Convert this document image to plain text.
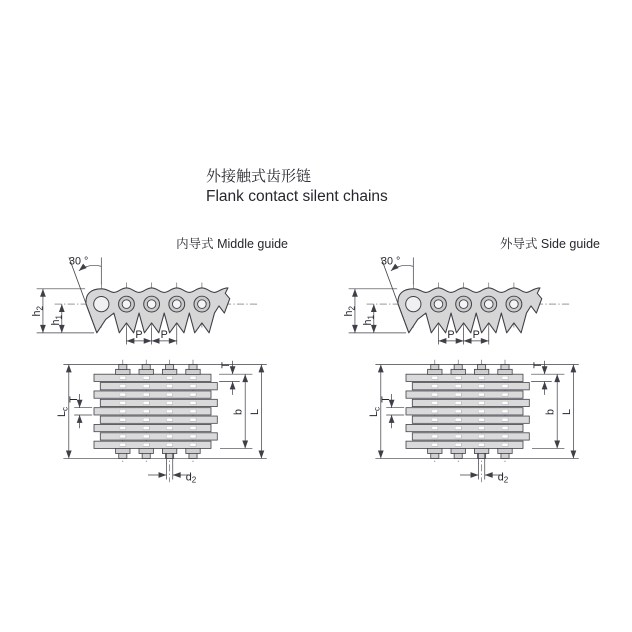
外接触式齿形链
Flank contact silent chains
内导式 Middle guide
30 °
$h_2$
$h_1$
P P
$L_c$
T
T
b L
$d_2$
外导式 Side guide
30 °
$h_2$
$h_1$
P P
$L_c$
T
T
b L
$d_2$
